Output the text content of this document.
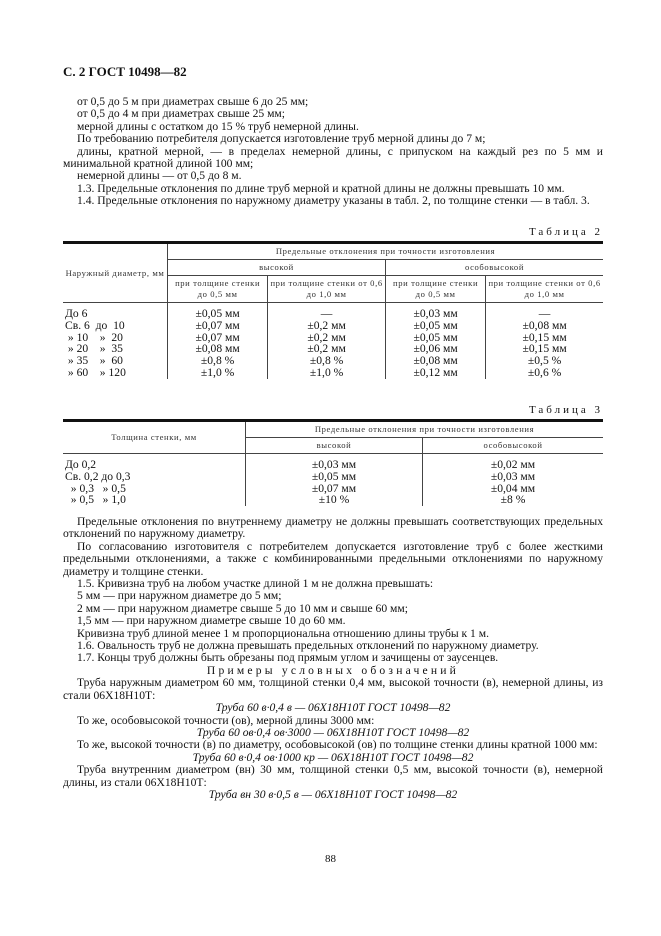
С. 2 ГОСТ 10498—82

от 0,5 до 5 м при диаметрах свыше 6 до 25 мм;

от 0,5 до 4 м при диаметрах свыше 25 мм;

мерной длины с остатком до 15 % труб немерной длины.

По требованию потребителя допускается изготовление труб мерной длины до 7 м;

длины, кратной мерной, — в пределах немерной длины, с припуском на каждый рез по 5 мм и минимальной кратной длиной 100 мм;

немерной длины — от 0,5 до 8 м.

1.3. Предельные отклонения по длине труб мерной и кратной длины не должны превышать 10 мм.

1.4. Предельные отклонения по наружному диаметру указаны в табл. 2, по толщине стенки — в табл. 3.

Таблица 2
Наружный диаметр, мм	Предельные отклонения при точности изготовления			
	высокой		особовысокой	
	при толщине стенки до 0,5 мм	при толщине стенки от 0,6 до 1,0 мм	при толщине стенки до 0,5 мм	при толщине стенки от 0,6 до 1,0 мм
До 6	±0,05 мм	—	±0,03 мм	—
Св. 6  до  10	±0,07 мм	±0,2 мм	±0,05 мм	±0,08 мм
» 10    »  20	±0,07 мм	±0,2 мм	±0,05 мм	±0,15 мм
» 20    »  35	±0,08 мм	±0,2 мм	±0,06 мм	±0,15 мм
» 35    »  60	±0,8 %	±0,8 %	±0,08 мм	±0,5 %
» 60    » 120	±1,0 %	±1,0 %	±0,12 мм	±0,6 %
Таблица 3
Толщина стенки, мм	Предельные отклонения при точности изготовления	
	высокой	особовысокой
До 0,2	±0,03 мм	±0,02 мм
Св. 0,2 до 0,3	±0,05 мм	±0,03 мм
» 0,3   » 0,5	±0,07 мм	±0,04 мм
» 0,5   » 1,0	±10 %	±8 %

Предельные отклонения по внутреннему диаметру не должны превышать соответствующих предельных отклонений по наружному диаметру.

По согласованию изготовителя с потребителем допускается изготовление труб с более жесткими предельными отклонениями, а также с комбинированными предельными отклонениями по наружному диаметру и толщине стенки.

1.5. Кривизна труб на любом участке длиной 1 м не должна превышать:

5 мм — при наружном диаметре до 5 мм;

2 мм — при наружном диаметре свыше 5 до 10 мм и свыше 60 мм;

1,5 мм — при наружном диаметре свыше 10 до 60 мм.

Кривизна труб длиной менее 1 м пропорциональна отношению длины трубы к 1 м.

1.6. Овальность труб не должна превышать предельных отклонений по наружному диаметру.

1.7. Концы труб должны быть обрезаны под прямым углом и зачищены от заусенцев.

Примеры условных обозначений

Труба наружным диаметром 60 мм, толщиной стенки 0,4 мм, высокой точности (в), немерной длины, из стали 06Х18Н10Т:

Труба 60 в·0,4 в — 06Х18Н10Т ГОСТ 10498—82

То же, особовысокой точности (ов), мерной длины 3000 мм:

Труба 60 ов·0,4 ов·3000 — 06Х18Н10Т ГОСТ 10498—82

То же, высокой точности (в) по диаметру, особовысокой (ов) по толщине стенки длины кратной 1000 мм:

Труба 60 в·0,4 ов·1000 кр — 06Х18Н10Т ГОСТ 10498—82

Труба внутренним диаметром (вн) 30 мм, толщиной стенки 0,5 мм, высокой точности (в), немерной длины, из стали 06Х18Н10Т:

Труба вн 30 в·0,5 в — 06Х18Н10Т ГОСТ 10498—82

88
